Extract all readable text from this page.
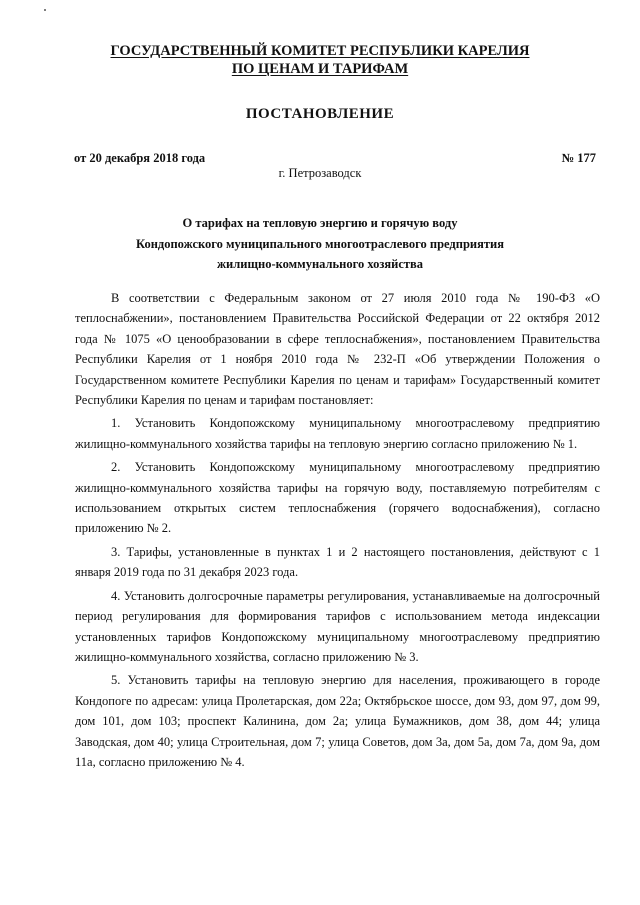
ГОСУДАРСТВЕННЫЙ КОМИТЕТ РЕСПУБЛИКИ КАРЕЛИЯ
ПО ЦЕНАМ И ТАРИФАМ
ПОСТАНОВЛЕНИЕ
от 20 декабря 2018 года	№ 177
г. Петрозаводск
О тарифах на тепловую энергию и горячую воду
Кондопожского муниципального многоотраслевого предприятия
жилищно-коммунального хозяйства

В соответствии с Федеральным законом от 27 июля 2010 года № 190-ФЗ «О теплоснабжении», постановлением Правительства Российской Федерации от 22 октября 2012 года № 1075 «О ценообразовании в сфере теплоснабжения», постановлением Правительства Республики Карелия от 1 ноября 2010 года № 232-П «Об утверждении Положения о Государственном комитете Республики Карелия по ценам и тарифам» Государственный комитет Республики Карелия по ценам и тарифам постановляет:

1. Установить Кондопожскому муниципальному многоотраслевому предприятию жилищно-коммунального хозяйства тарифы на тепловую энергию согласно приложению № 1.

2. Установить Кондопожскому муниципальному многоотраслевому предприятию жилищно-коммунального хозяйства тарифы на горячую воду, поставляемую потребителям с использованием открытых систем теплоснабжения (горячего водоснабжения), согласно приложению № 2.

3. Тарифы, установленные в пунктах 1 и 2 настоящего постановления, действуют с 1 января 2019 года по 31 декабря 2023 года.

4. Установить долгосрочные параметры регулирования, устанавливаемые на долгосрочный период регулирования для формирования тарифов с использованием метода индексации установленных тарифов Кондопожскому муниципальному многоотраслевому предприятию жилищно-коммунального хозяйства, согласно приложению № 3.

5. Установить тарифы на тепловую энергию для населения, проживающего в городе Кондопоге по адресам: улица Пролетарская, дом 22а; Октябрьское шоссе, дом 93, дом 97, дом 99, дом 101, дом 103; проспект Калинина, дом 2а; улица Бумажников, дом 38, дом 44; улица Заводская, дом 40; улица Строительная, дом 7; улица Советов, дом 3а, дом 5а, дом 7а, дом 9а, дом 11а, согласно приложению № 4.
